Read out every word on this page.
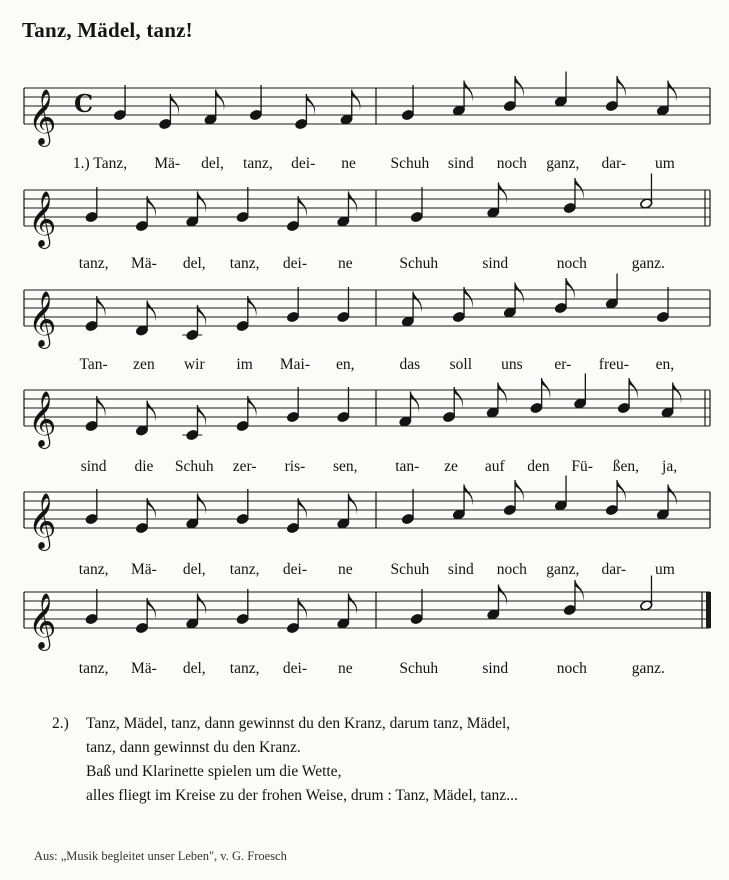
Tanz, Mädel, tanz!
𝄞 C
1.) Tanz, Mä- del, tanz, dei- ne Schuh sind noch ganz, dar- um
𝄞
tanz, Mä- del, tanz, dei- ne	Schuh	sind	noch	ganz.
𝄞
Tan- zen wir im Mai- en,	das soll uns er- freu- en,
𝄞
sind die Schuh zer- ris- sen, tan- ze auf den Fü- ßen, ja,
𝄞
tanz, Mä- del, tanz, dei- ne Schuh sind noch ganz, dar- um
𝄞
tanz, Mä- del, tanz, dei- ne	Schuh	sind	noch	ganz.
2.) Tanz, Mädel, tanz, dann gewinnst du den Kranz, darum tanz, Mädel,
tanz, dann gewinnst du den Kranz.
Baß und Klarinette spielen um die Wette,
alles fliegt im Kreise zu der frohen Weise, drum : Tanz, Mädel, tanz...
Aus: „Musik begleitet unser Leben", v. G. Froesch
